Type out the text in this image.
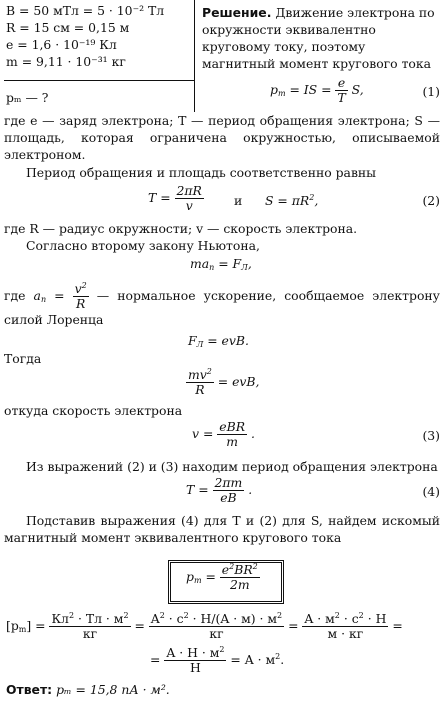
B = 50 мТл = 5 · 10⁻² Тл
R = 15 см = 0,15 м
e = 1,6 · 10⁻¹⁹ Кл
m = 9,11 · 10⁻³¹ кг
pₘ — ?
Решение. Движение электрона по окружности эквивалентно круговому току, поэтому магнитный момент кругового тока
$p_m$ = IS = $\frac{e}{T} S$,	(1)
где e — заряд электрона; T — период обращения электрона; S — площадь, которая ограничена окружностью, описываемой электроном.
Период обращения и площадь соответственно равны
$T = \frac{2\pi R}{v}$ и $S = \pi R^2$,	(2)
где R — радиус окружности; v — скорость электрона.
Согласно второму закону Ньютона,
$ma_n = F_Л$,
где $a_n = \frac{v^2}{R}$ — нормальное ускорение, сообщаемое электрону силой Лоренца
$F_Л$ = evB.
Тогда
$\frac{mv^2}{R}$ = evB,
откуда скорость электрона
$v = \frac{\text{eBR}}{m}$ .	(3)
Из выражений (2) и (3) находим период обращения электрона
$T = \frac{2\pi m}{eB}$ .	(4)
Подставив выражения (4) для T и (2) для S, найдем искомый магнитный момент эквивалентного кругового тока
$p_m = \frac{e^2BR^2}{2m}$
$[p_m] = \frac{Кл^2 \cdot Тл \cdot м^2}{кг} = \frac{A^2 \cdot c^2 \cdot H/(A \cdot м) \cdot м^2}{кг} = \frac{A \cdot м^2 \cdot c^2 \cdot H}{м \cdot кг}$ =
= $\frac{A \cdot H \cdot м^2}{H} = A \cdot м^2$.
Ответ: pₘ = 15,8 пА · м².
